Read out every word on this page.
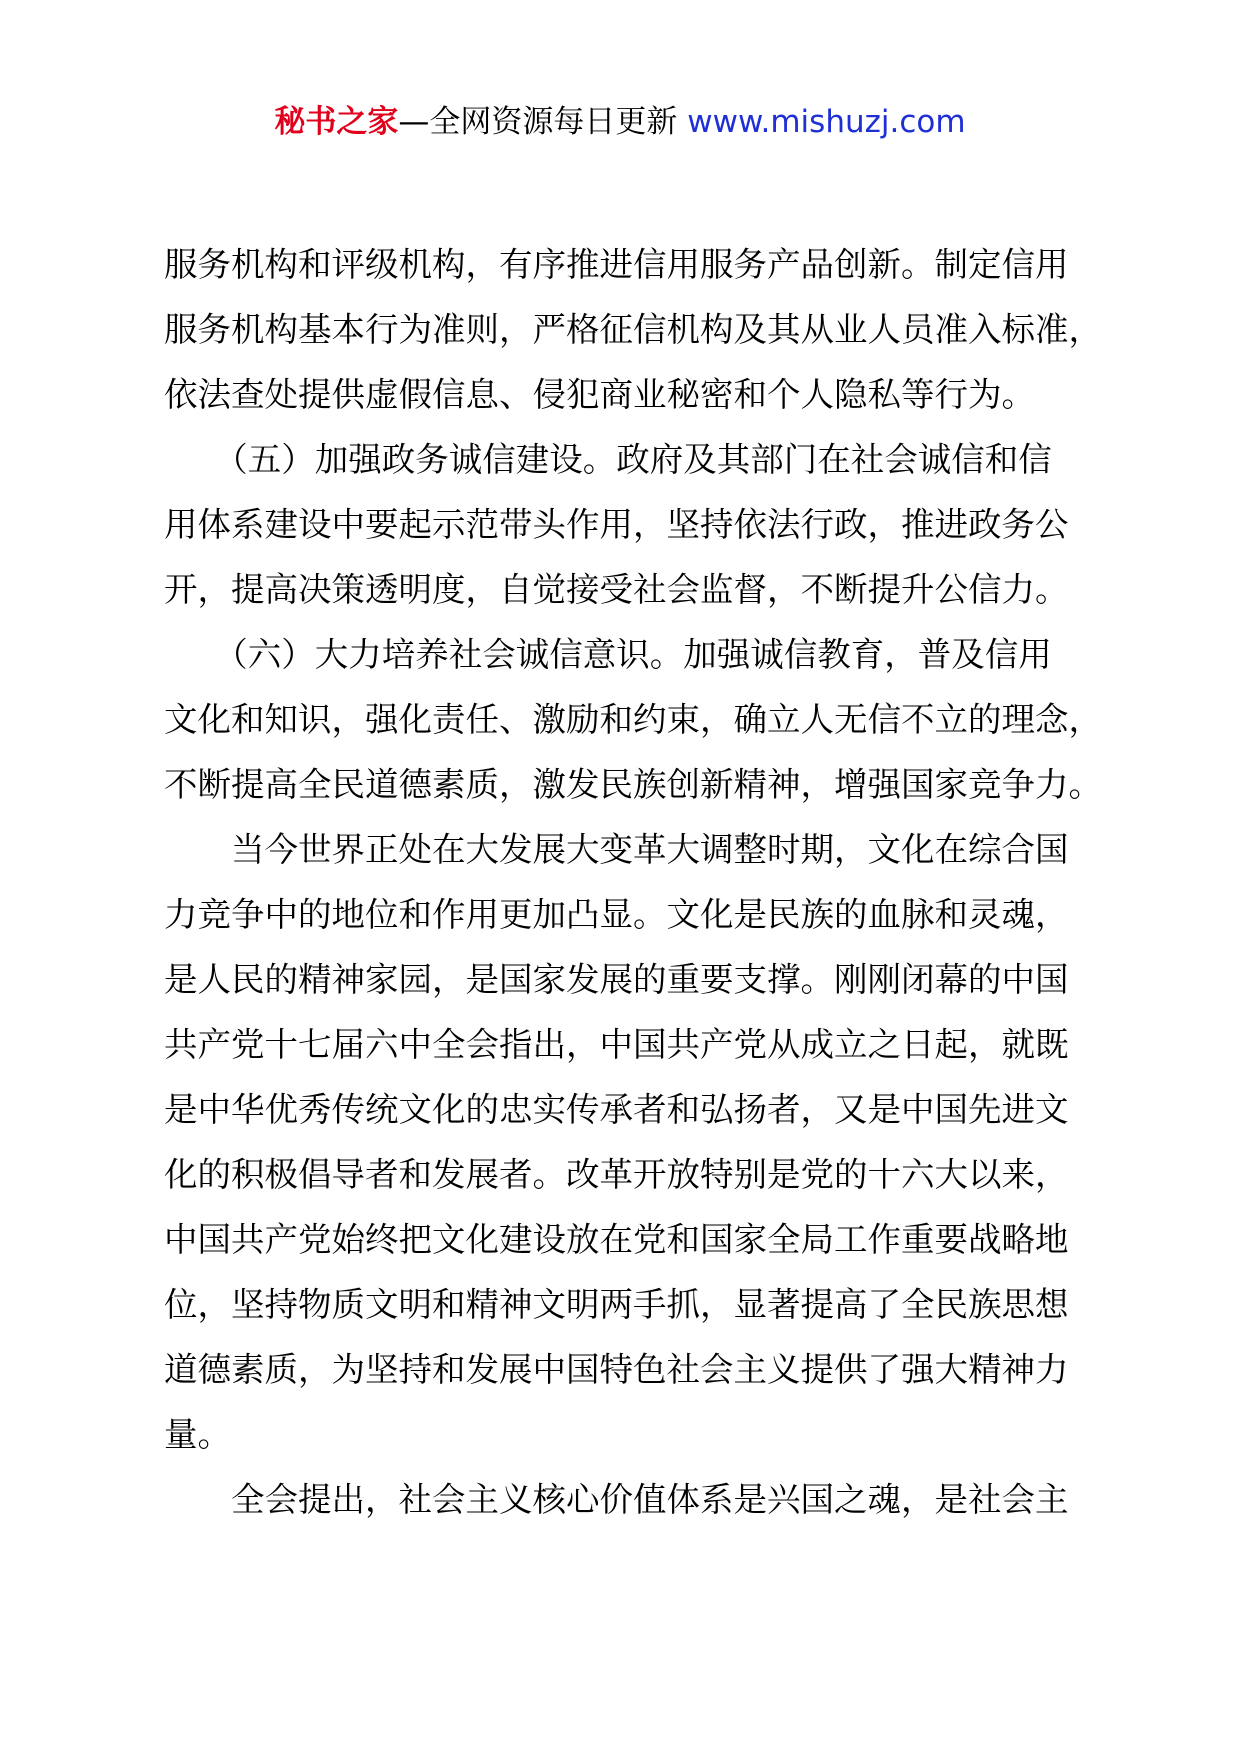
秘书之家—全网资源每日更新 www.mishuzj.com

服务机构和评级机构，有序推进信用服务产品创新。制定信用

服务机构基本行为准则，严格征信机构及其从业人员准入标准，

依法查处提供虚假信息、侵犯商业秘密和个人隐私等行为。

　　（五）加强政务诚信建设。政府及其部门在社会诚信和信

用体系建设中要起示范带头作用，坚持依法行政，推进政务公

开，提高决策透明度，自觉接受社会监督，不断提升公信力。

　　（六）大力培养社会诚信意识。加强诚信教育，普及信用

文化和知识，强化责任、激励和约束，确立人无信不立的理念，

不断提高全民道德素质，激发民族创新精神，增强国家竞争力。

　　当今世界正处在大发展大变革大调整时期，文化在综合国

力竞争中的地位和作用更加凸显。文化是民族的血脉和灵魂，

是人民的精神家园，是国家发展的重要支撑。刚刚闭幕的中国

共产党十七届六中全会指出，中国共产党从成立之日起，就既

是中华优秀传统文化的忠实传承者和弘扬者，又是中国先进文

化的积极倡导者和发展者。改革开放特别是党的十六大以来，

中国共产党始终把文化建设放在党和国家全局工作重要战略地

位，坚持物质文明和精神文明两手抓，显著提高了全民族思想

道德素质，为坚持和发展中国特色社会主义提供了强大精神力

量。

　　全会提出，社会主义核心价值体系是兴国之魂，是社会主
